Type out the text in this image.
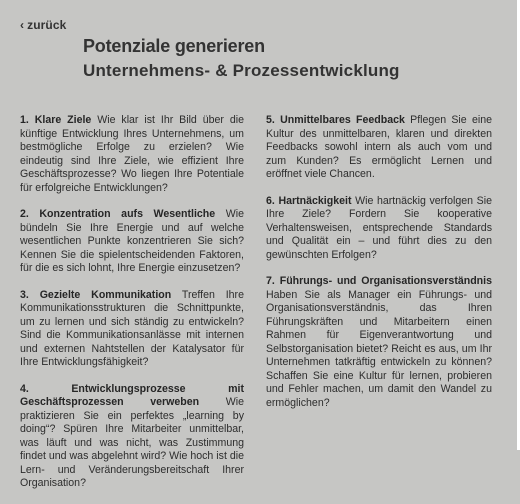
‹ zurück
Potenziale generieren
Unternehmens- & Prozessentwicklung

1. Klare Ziele Wie klar ist Ihr Bild über die künftige Entwicklung Ihres Unternehmens, um bestmögliche Erfolge zu erzielen? Wie eindeutig sind Ihre Ziele, wie effizient Ihre Geschäftsprozesse? Wo liegen Ihre Potentiale für erfolgreiche Entwicklungen?

2. Konzentration aufs Wesentliche Wie bündeln Sie Ihre Energie und auf welche wesentlichen Punkte konzentrieren Sie sich? Kennen Sie die spielentscheidenden Faktoren, für die es sich lohnt, Ihre Energie einzusetzen?

3. Gezielte Kommunikation Treffen Ihre Kommunikationsstrukturen die Schnittpunkte, um zu lernen und sich ständig zu entwickeln? Sind die Kommunikationsanlässe mit internen und externen Nahtstellen der Katalysator für Ihre Entwicklungsfähigkeit?

4. Entwicklungsprozesse mit Geschäftsprozessen verweben	Wie praktizieren Sie ein perfektes „learning by doing“? Spüren Ihre Mitarbeiter unmittelbar, was läuft und was nicht, was Zustimmung findet und was abgelehnt wird? Wie hoch ist die Lern- und Veränderungsbereitschaft Ihrer Organisation?

5. Unmittelbares Feedback Pflegen Sie eine Kultur des unmittelbaren, klaren und direkten Feedbacks sowohl intern als auch vom und zum Kunden? Es ermöglicht Lernen und eröffnet viele Chancen.

6. Hartnäckigkeit Wie hartnäckig verfolgen Sie Ihre Ziele? Fordern Sie kooperative Verhaltensweisen, entsprechende Standards und Qualität ein – und führt dies zu den gewünschten Erfolgen?

7. Führungs- und Organisationsverständnis Haben Sie als Manager ein Führungs- und Organisationsverständnis, das Ihren Führungskräften und Mitarbeitern einen Rahmen für Eigenverantwortung und Selbstorganisation bietet? Reicht es aus, um Ihr Unternehmen tatkräftig entwickeln zu können? Schaffen Sie eine Kultur für lernen, probieren und Fehler machen, um damit den Wandel zu ermöglichen?
